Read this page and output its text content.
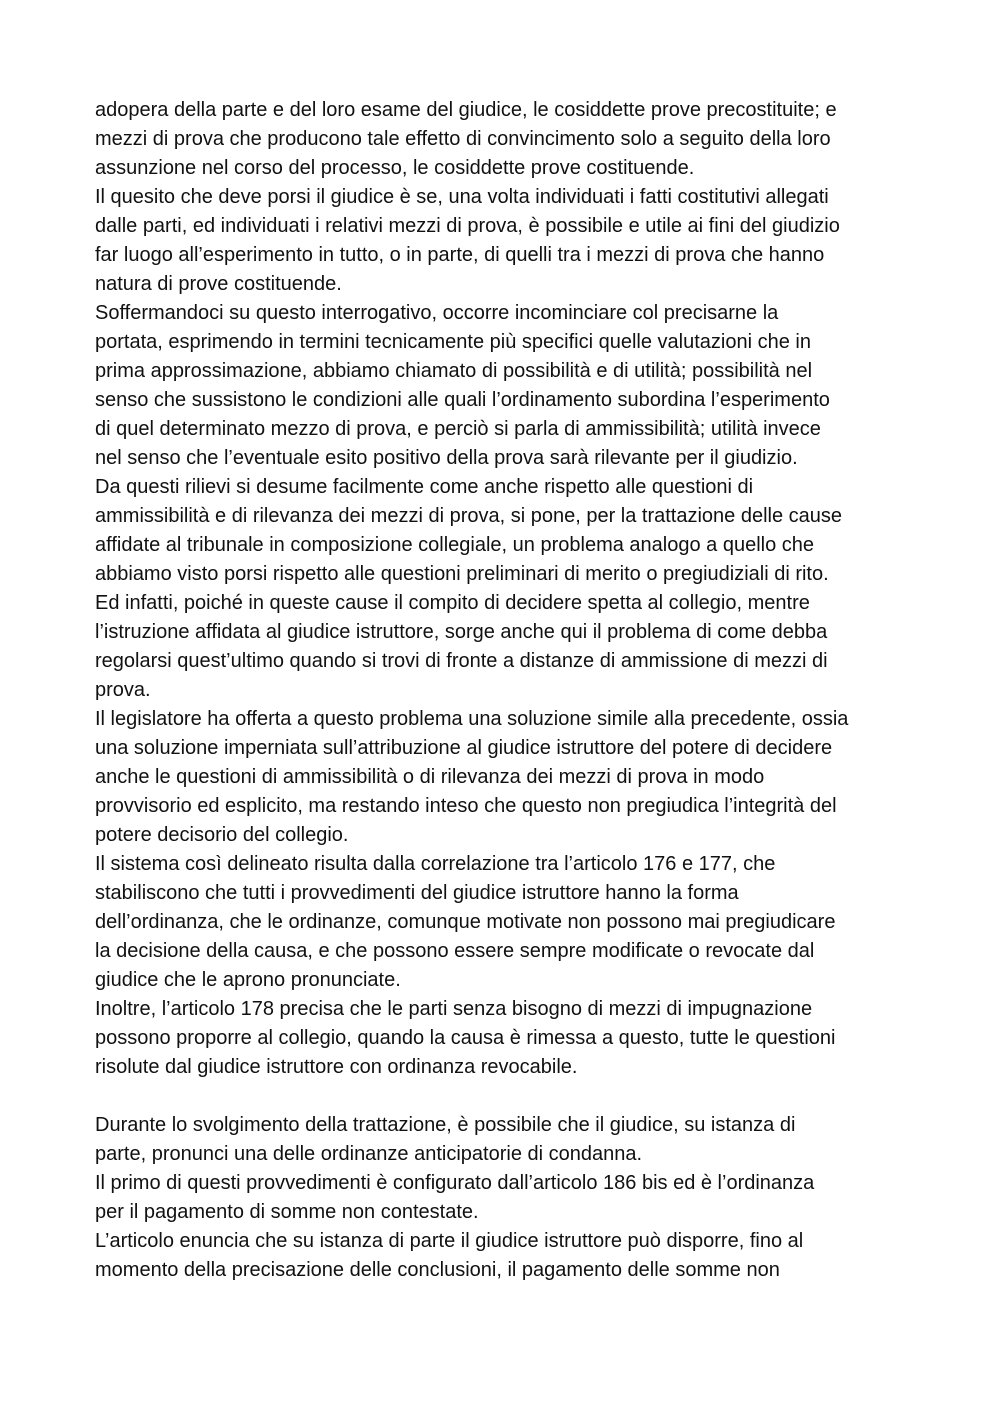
adopera della parte e del loro esame del giudice, le cosiddette prove precostituite; e
mezzi di prova che producono tale effetto di convincimento solo a seguito della loro
assunzione nel corso del processo, le cosiddette prove costituende.
Il quesito che deve porsi il giudice è se, una volta individuati i fatti costitutivi allegati
dalle parti, ed individuati i relativi mezzi di prova, è possibile e utile ai fini del giudizio
far luogo all’esperimento in tutto, o in parte, di quelli tra i mezzi di prova che hanno
natura di prove costituende.
Soffermandoci su questo interrogativo, occorre incominciare col precisarne la
portata, esprimendo in termini tecnicamente più specifici quelle valutazioni che in
prima approssimazione, abbiamo chiamato di possibilità e di utilità; possibilità nel
senso che sussistono le condizioni alle quali l’ordinamento subordina l’esperimento
di quel determinato mezzo di prova, e perciò si parla di ammissibilità; utilità invece
nel senso che l’eventuale esito positivo della prova sarà rilevante per il giudizio.
Da questi rilievi si desume facilmente come anche rispetto alle questioni di
ammissibilità e di rilevanza dei mezzi di prova, si pone, per la trattazione delle cause
affidate al tribunale in composizione collegiale, un problema analogo a quello che
abbiamo visto porsi rispetto alle questioni preliminari di merito o pregiudiziali di rito.
Ed infatti, poiché in queste cause il compito di decidere spetta al collegio, mentre
l’istruzione affidata al giudice istruttore, sorge anche qui il problema di come debba
regolarsi quest’ultimo quando si trovi di fronte a distanze di ammissione di mezzi di
prova.
Il legislatore ha offerta a questo problema una soluzione simile alla precedente, ossia
una soluzione imperniata sull’attribuzione al giudice istruttore del potere di decidere
anche le questioni di ammissibilità o di rilevanza dei mezzi di prova in modo
provvisorio ed esplicito, ma restando inteso che questo non pregiudica l’integrità del
potere decisorio del collegio.
Il sistema così delineato risulta dalla correlazione tra l’articolo 176 e 177, che
stabiliscono che tutti i provvedimenti del giudice istruttore hanno la forma
dell’ordinanza, che le ordinanze, comunque motivate non possono mai pregiudicare
la decisione della causa, e che possono essere sempre modificate o revocate dal
giudice che le aprono pronunciate.
Inoltre, l’articolo 178 precisa che le parti senza bisogno di mezzi di impugnazione
possono proporre al collegio, quando la causa è rimessa a questo, tutte le questioni
risolute dal giudice istruttore con ordinanza revocabile.
Durante lo svolgimento della trattazione, è possibile che il giudice, su istanza di
parte, pronunci una delle ordinanze anticipatorie di condanna.
Il primo di questi provvedimenti è configurato dall’articolo 186 bis ed è l’ordinanza
per il pagamento di somme non contestate.
L’articolo enuncia che su istanza di parte il giudice istruttore può disporre, fino al
momento della precisazione delle conclusioni, il pagamento delle somme non
